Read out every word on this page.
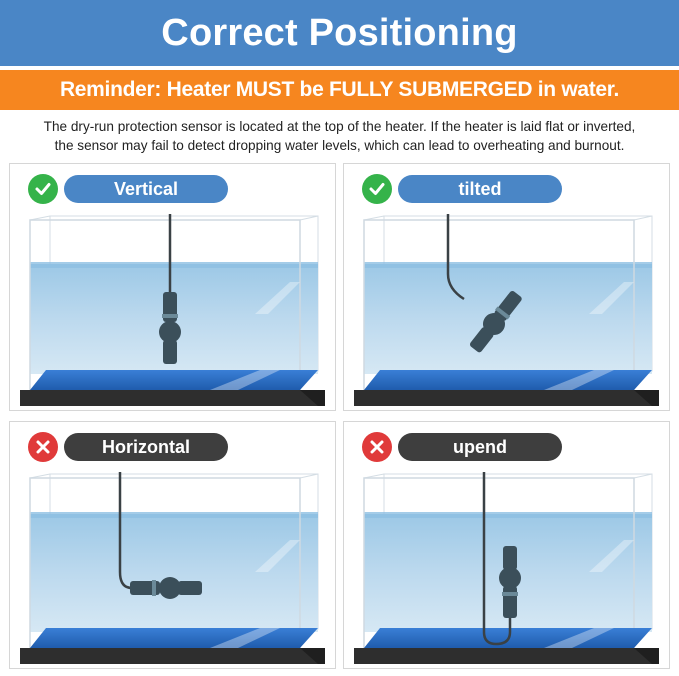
Correct Positioning
Reminder: Heater MUST be FULLY SUBMERGED in water.

The dry-run protection sensor is located at the top of the heater. If the heater is laid flat or inverted,

the sensor may fail to detect dropping water levels, which can lead to overheating and burnout.

Vertical	tilted
Horizontal	upend
